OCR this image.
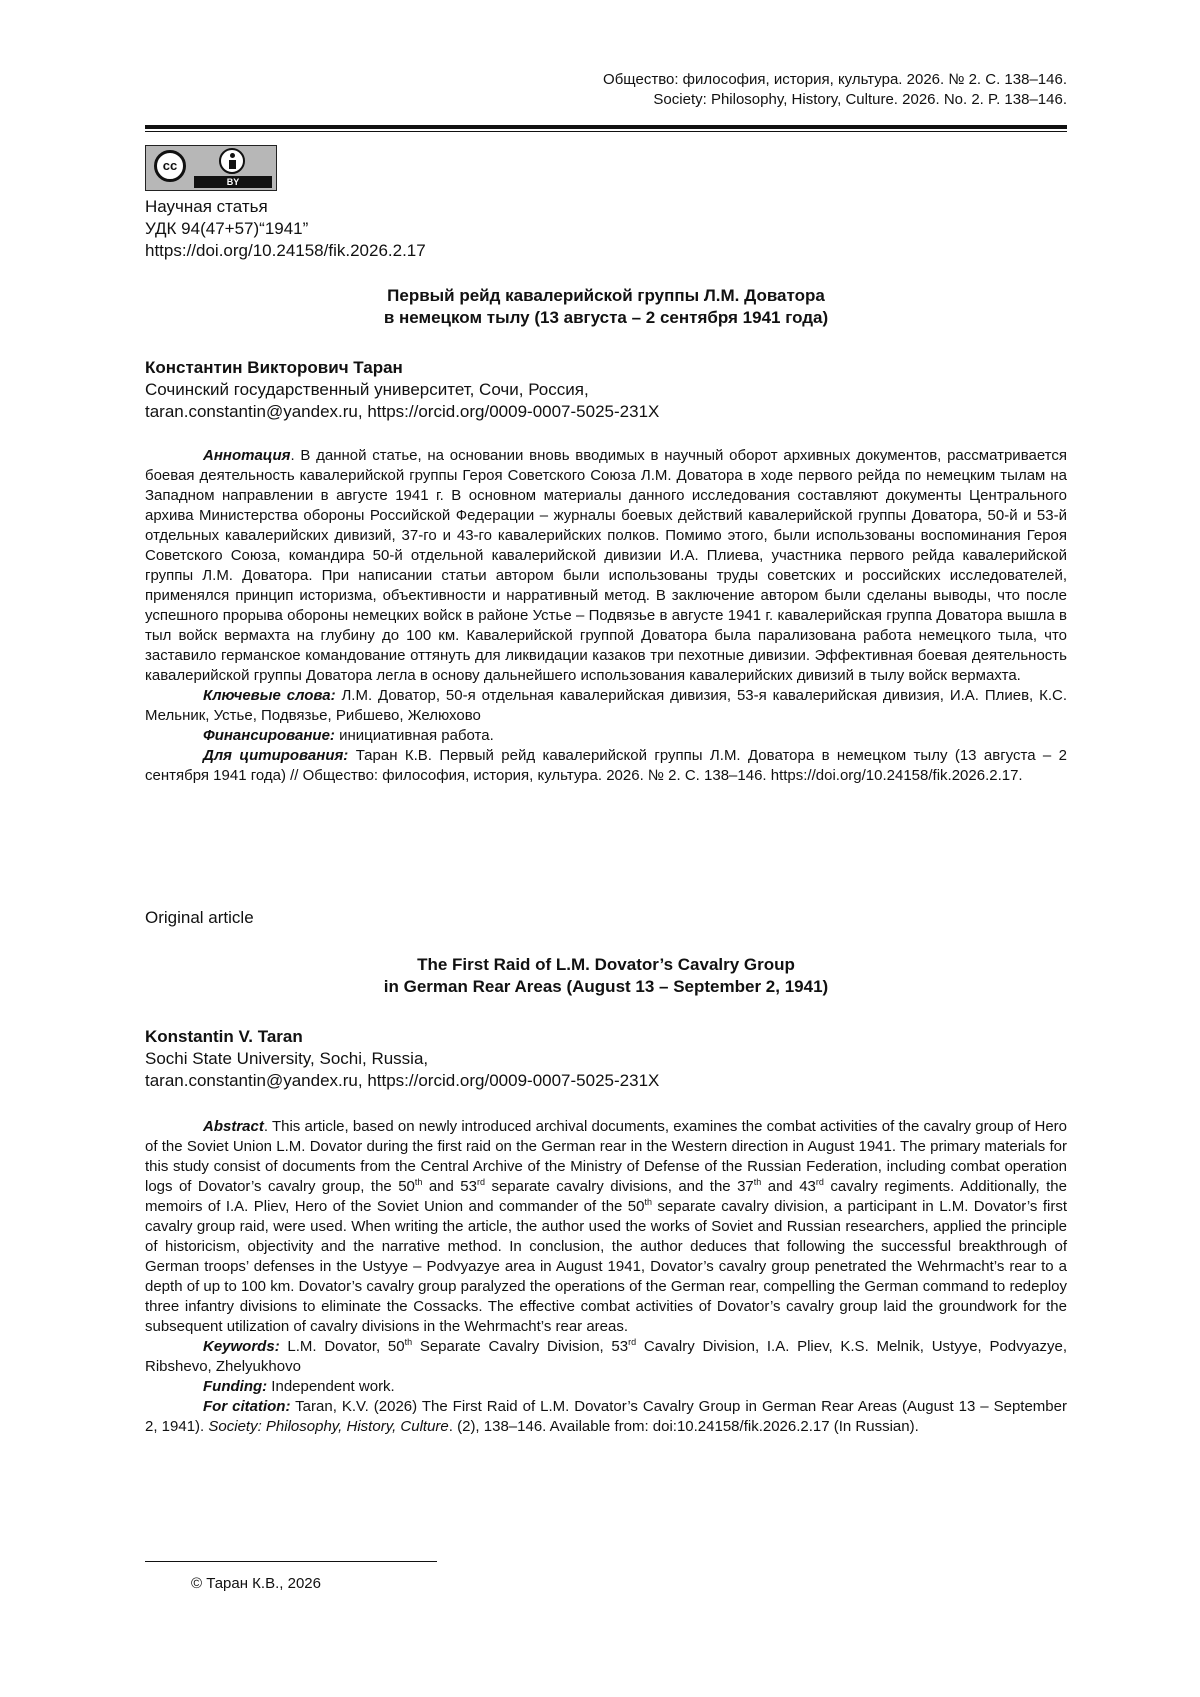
Общество: философия, история, культура. 2026. № 2. С. 138–146.
Society: Philosophy, History, Culture. 2026. No. 2. P. 138–146.
cc
BY
Научная статья
УДК 94(47+57)“1941”
https://doi.org/10.24158/fik.2026.2.17
Первый рейд кавалерийской группы Л.М. Доватора
в немецком тылу (13 августа – 2 сентября 1941 года)
Константин Викторович Таран
Сочинский государственный университет, Сочи, Россия,
taran.constantin@yandex.ru, https://orcid.org/0009-0007-5025-231X

Аннотация. В данной статье, на основании вновь вводимых в научный оборот архивных документов, рассматривается боевая деятельность кавалерийской группы Героя Советского Союза Л.М. Доватора в ходе первого рейда по немецким тылам на Западном направлении в августе 1941 г. В основном материалы данного исследования составляют документы Центрального архива Министерства обороны Российской Федерации – журналы боевых действий кавалерийской группы Доватора, 50-й и 53-й отдельных кавалерийских дивизий, 37-го и 43-го кавалерийских полков. Помимо этого, были использованы воспоминания Героя Советского Союза, командира 50-й отдельной кавалерийской дивизии И.А. Плиева, участника первого рейда кавалерийской группы Л.М. Доватора. При написании статьи автором были использованы труды советских и российских исследователей, применялся принцип историзма, объективности и нарративный метод. В заключение автором были сделаны выводы, что после успешного прорыва обороны немецких войск в районе Устье – Подвязье в августе 1941 г. кавалерийская группа Доватора вышла в тыл войск вермахта на глубину до 100 км. Кавалерийской группой Доватора была парализована работа немецкого тыла, что заставило германское командование оттянуть для ликвидации казаков три пехотные дивизии. Эффективная боевая деятельность кавалерийской группы Доватора легла в основу дальнейшего использования кавалерийских дивизий в тылу войск вермахта.

Ключевые слова: Л.М. Доватор, 50-я отдельная кавалерийская дивизия, 53-я кавалерийская дивизия, И.А. Плиев, К.С. Мельник, Устье, Подвязье, Рибшево, Желюхово

Финансирование: инициативная работа.

Для цитирования: Таран К.В. Первый рейд кавалерийской группы Л.М. Доватора в немецком тылу (13 августа – 2 сентября 1941 года) // Общество: философия, история, культура. 2026. № 2. С. 138–146. https://doi.org/10.24158/fik.2026.2.17.

Original article
The First Raid of L.M. Dovator’s Cavalry Group
in German Rear Areas (August 13 – September 2, 1941)
Konstantin V. Taran
Sochi State University, Sochi, Russia,
taran.constantin@yandex.ru, https://orcid.org/0009-0007-5025-231X

Abstract. This article, based on newly introduced archival documents, examines the combat activities of the cavalry group of Hero of the Soviet Union L.M. Dovator during the first raid on the German rear in the Western direction in August 1941. The primary materials for this study consist of documents from the Central Archive of the Ministry of Defense of the Russian Federation, including combat operation logs of Dovator’s cavalry group, the 50th and 53rd separate cavalry divisions, and the 37th and 43rd cavalry regiments. Additionally, the memoirs of I.A. Pliev, Hero of the Soviet Union and commander of the 50th separate cavalry division, a participant in L.M. Dovator’s first cavalry group raid, were used. When writing the article, the author used the works of Soviet and Russian researchers, applied the principle of historicism, objectivity and the narrative method. In conclusion, the author deduces that following the successful breakthrough of German troops’ defenses in the Ustyye – Podvyazye area in August 1941, Dovator’s cavalry group penetrated the Wehrmacht’s rear to a depth of up to 100 km. Dovator’s cavalry group paralyzed the operations of the German rear, compelling the German command to redeploy three infantry divisions to eliminate the Cossacks. The effective combat activities of Dovator’s cavalry group laid the groundwork for the subsequent utilization of cavalry divisions in the Wehrmacht’s rear areas.

Keywords: L.M. Dovator, 50th Separate Cavalry Division, 53rd Cavalry Division, I.A. Pliev, K.S. Melnik, Ustyye, Podvyazye, Ribshevo, Zhelyukhovo

Funding: Independent work.

For citation: Taran, K.V. (2026) The First Raid of L.M. Dovator’s Cavalry Group in German Rear Areas (August 13 – September 2, 1941). Society: Philosophy, History, Culture. (2), 138–146. Available from: doi:10.24158/fik.2026.2.17 (In Russian).

© Таран К.В., 2026
